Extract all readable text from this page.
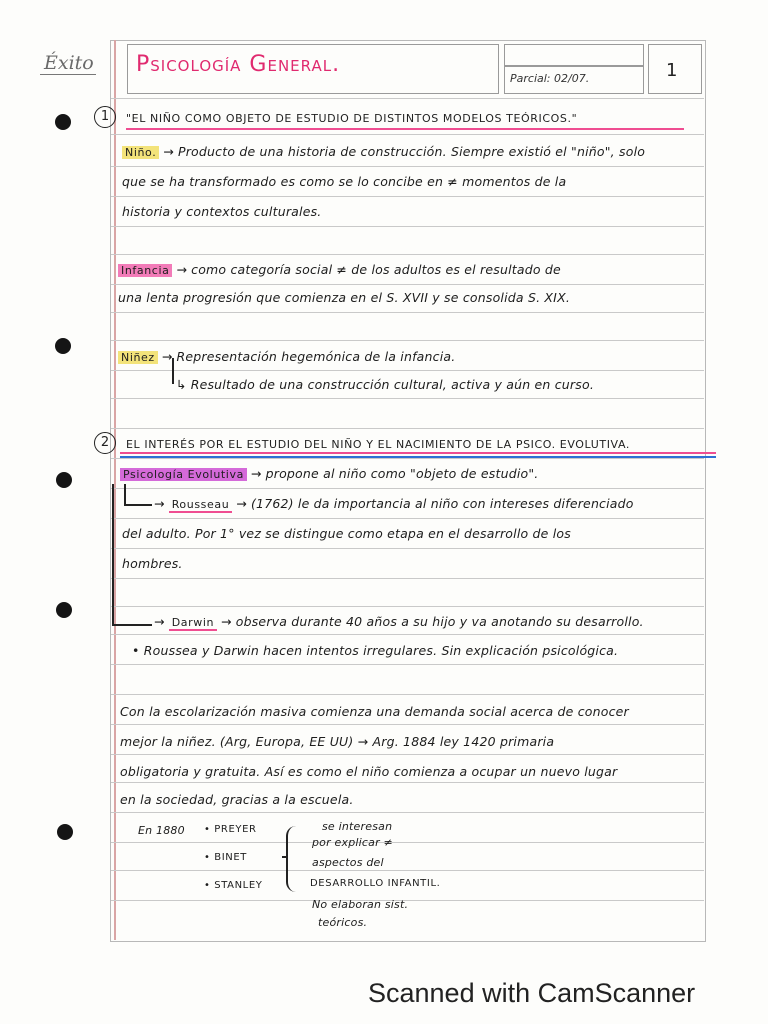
Éxito Psicología General.
Parcial: 02/07.	1
1	"EL NIÑO COMO OBJETO DE ESTUDIO DE DISTINTOS MODELOS TEÓRICOS."
Niño. → Producto de una historia de construcción. Siempre existió el "niño", solo
que se ha transformado es como se lo concibe en ≠ momentos de la
historia y contextos culturales.
Infancia → como categoría social ≠ de los adultos es el resultado de
una lenta progresión que comienza en el S. XVII y se consolida S. XIX.
Niñez → Representación hegemónica de la infancia.
↳ Resultado de una construcción cultural, activa y aún en curso.
2	EL INTERÉS POR EL ESTUDIO DEL NIÑO Y EL NACIMIENTO DE LA PSICO. EVOLUTIVA.
Psicología Evolutiva → propone al niño como "objeto de estudio".
→ Rousseau → (1762) le da importancia al niño con intereses diferenciado
del adulto. Por 1° vez se distingue como etapa en el desarrollo de los
hombres.
→ Darwin → observa durante 40 años a su hijo y va anotando su desarrollo.
• Roussea y Darwin hacen intentos irregulares. Sin explicación psicológica.
Con la escolarización masiva comienza una demanda social acerca de conocer
mejor la niñez. (Arg, Europa, EE UU) → Arg. 1884 ley 1420 primaria
obligatoria y gratuita. Así es como el niño comienza a ocupar un nuevo lugar
en la sociedad, gracias a la escuela.
En 1880 • PREYER
• BINET
• STANLEY
se interesan
por explicar ≠
aspectos del
DESARROLLO INFANTIL.
No elaboran sist.
teóricos.
Scanned with CamScanner
